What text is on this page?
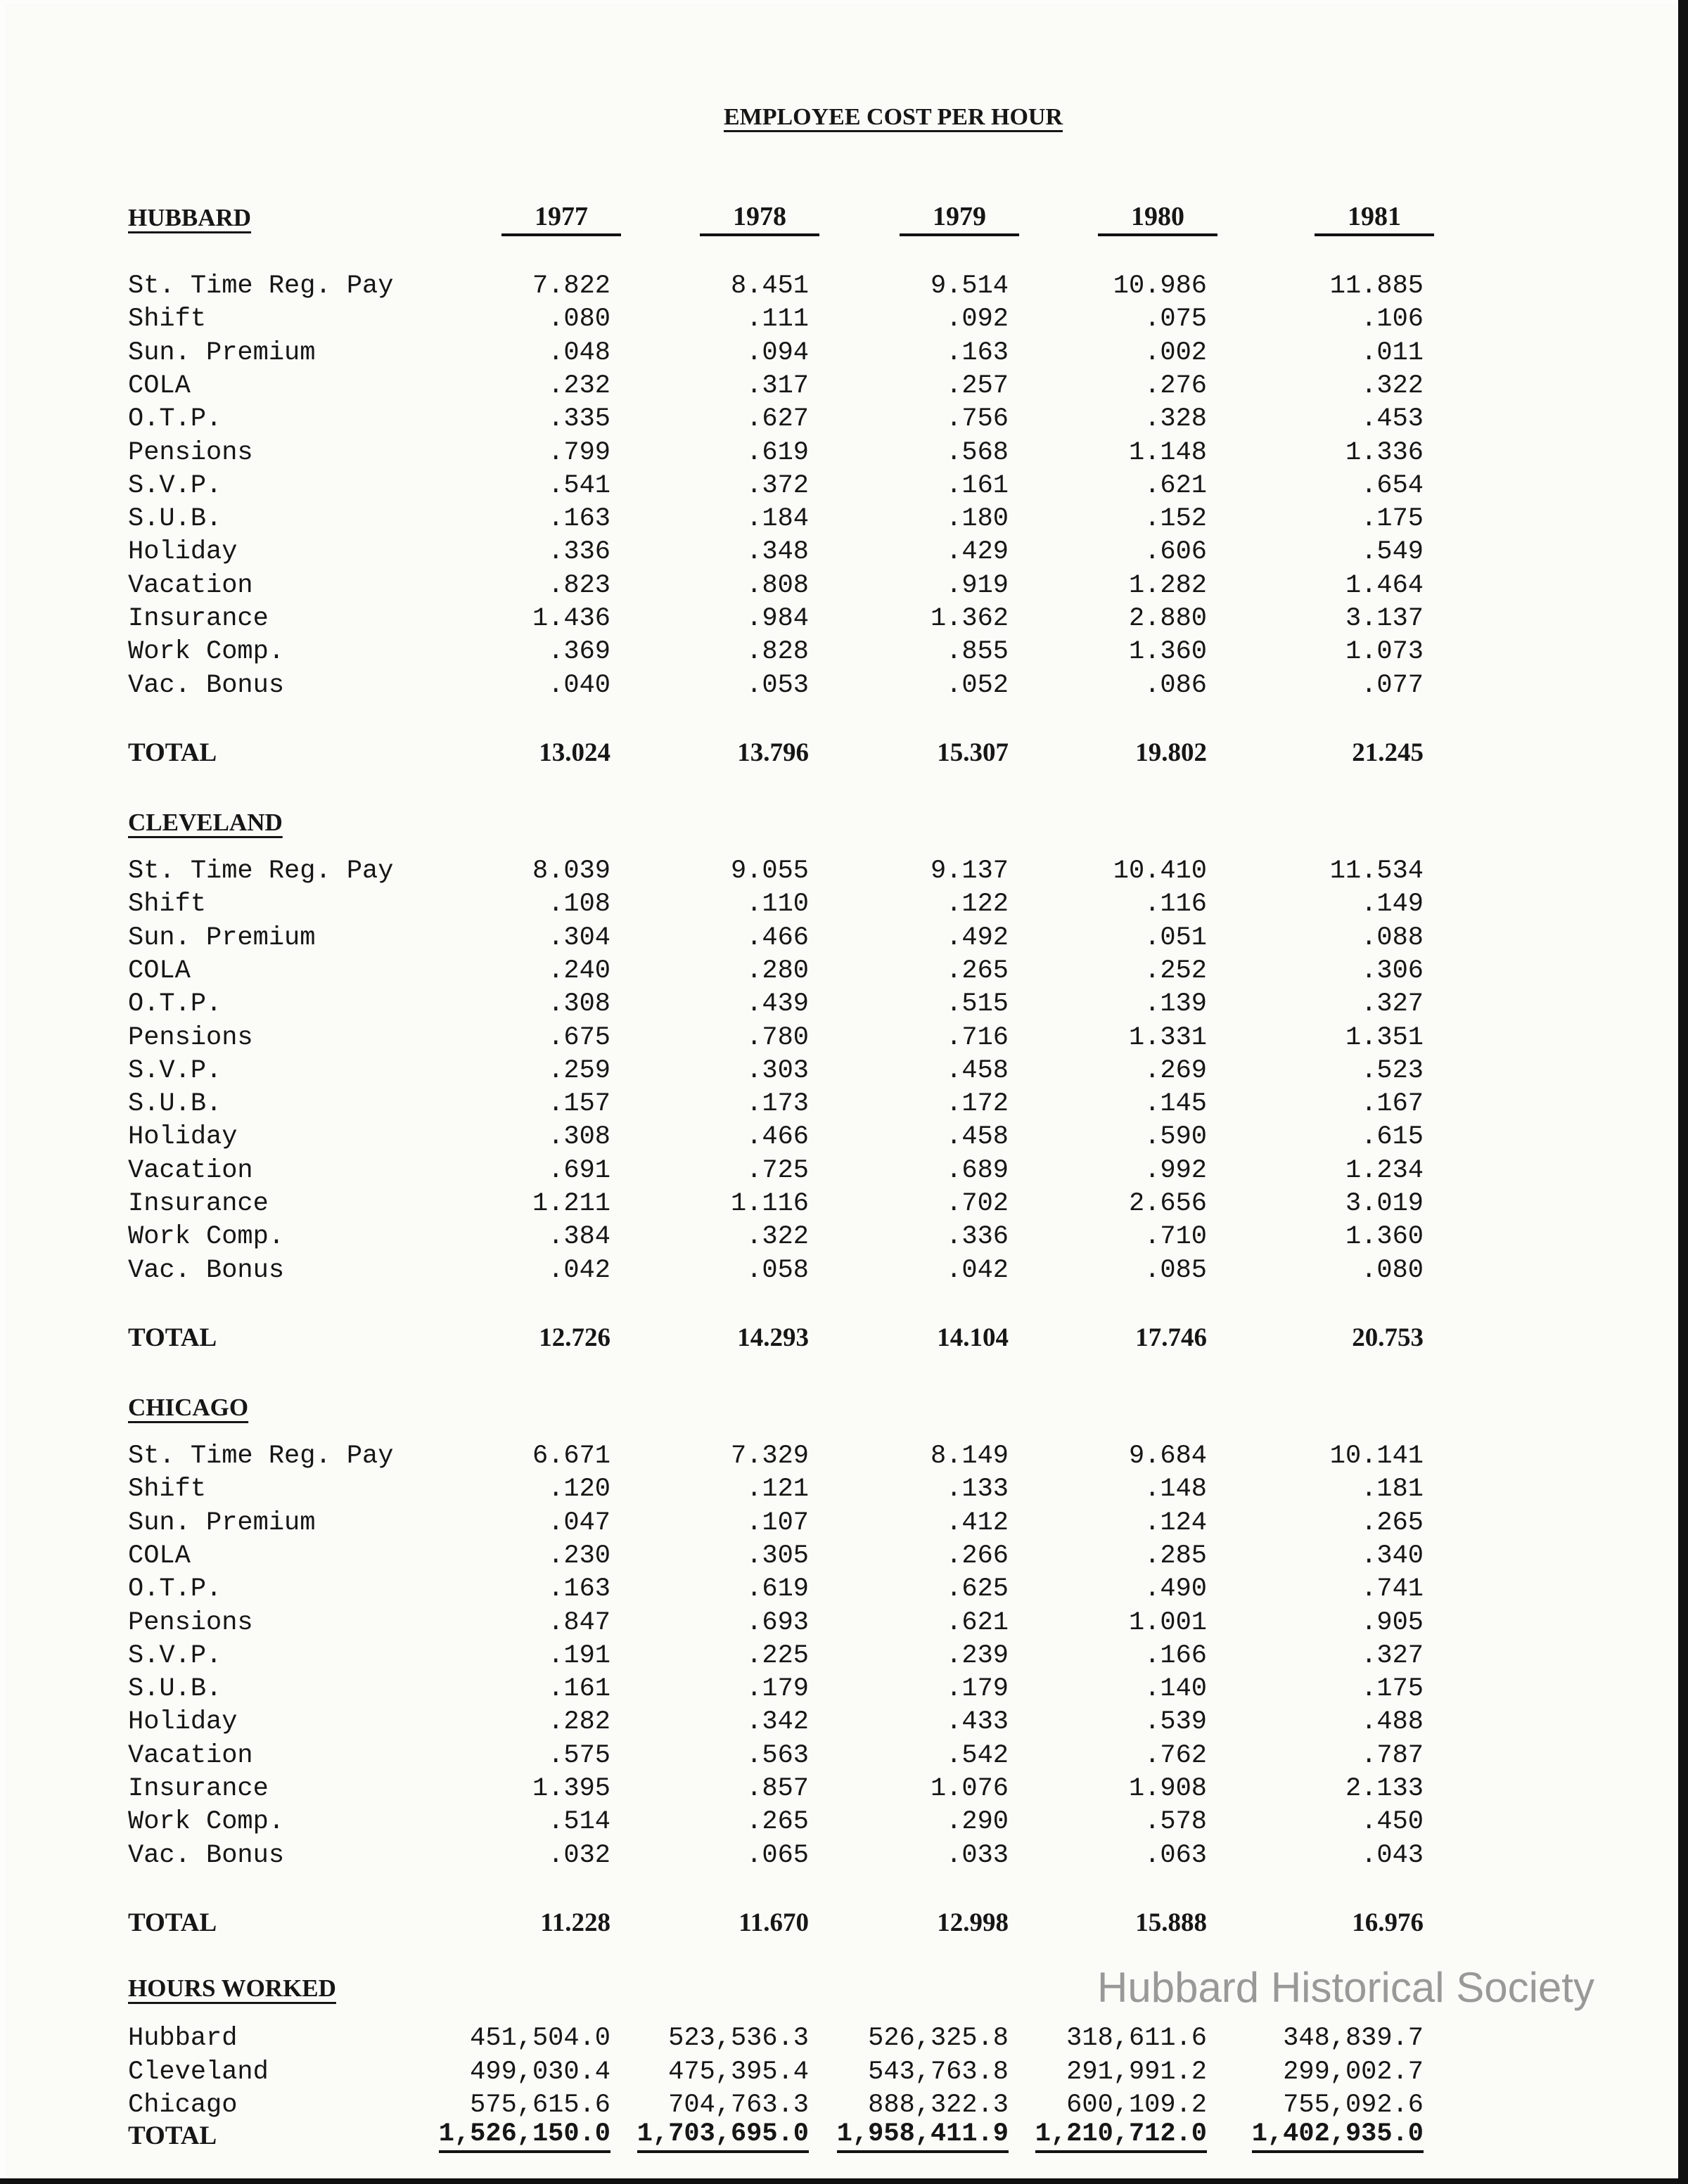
EMPLOYEE COST PER HOUR
1977	1978	1979	1980	1981
HUBBARD
St. Time Reg. Pay	7.822	8.451	9.514	10.986	11.885
Shift	.080	.111	.092	.075	.106
Sun. Premium	.048	.094	.163	.002	.011
COLA	.232	.317	.257	.276	.322
O.T.P.	.335	.627	.756	.328	.453
Pensions	.799	.619	.568	1.148	1.336
S.V.P.	.541	.372	.161	.621	.654
S.U.B.	.163	.184	.180	.152	.175
Holiday	.336	.348	.429	.606	.549
Vacation	.823	.808	.919	1.282	1.464
Insurance	1.436	.984	1.362	2.880	3.137
Work Comp.	.369	.828	.855	1.360	1.073
Vac. Bonus	.040	.053	.052	.086	.077
TOTAL	13.024	13.796	15.307	19.802	21.245
CLEVELAND
St. Time Reg. Pay	8.039	9.055	9.137	10.410	11.534
Shift	.108	.110	.122	.116	.149
Sun. Premium	.304	.466	.492	.051	.088
COLA	.240	.280	.265	.252	.306
O.T.P.	.308	.439	.515	.139	.327
Pensions	.675	.780	.716	1.331	1.351
S.V.P.	.259	.303	.458	.269	.523
S.U.B.	.157	.173	.172	.145	.167
Holiday	.308	.466	.458	.590	.615
Vacation	.691	.725	.689	.992	1.234
Insurance	1.211	1.116	.702	2.656	3.019
Work Comp.	.384	.322	.336	.710	1.360
Vac. Bonus	.042	.058	.042	.085	.080
TOTAL	12.726	14.293	14.104	17.746	20.753
CHICAGO
St. Time Reg. Pay	6.671	7.329	8.149	9.684	10.141
Shift	.120	.121	.133	.148	.181
Sun. Premium	.047	.107	.412	.124	.265
COLA	.230	.305	.266	.285	.340
O.T.P.	.163	.619	.625	.490	.741
Pensions	.847	.693	.621	1.001	.905
S.V.P.	.191	.225	.239	.166	.327
S.U.B.	.161	.179	.179	.140	.175
Holiday	.282	.342	.433	.539	.488
Vacation	.575	.563	.542	.762	.787
Insurance	1.395	.857	1.076	1.908	2.133
Work Comp.	.514	.265	.290	.578	.450
Vac. Bonus	.032	.065	.033	.063	.043
TOTAL	11.228	11.670	12.998	15.888	16.976
HOURS WORKED
Hubbard	451,504.0	523,536.3	526,325.8	318,611.6	348,839.7
Cleveland	499,030.4	475,395.4	543,763.8	291,991.2	299,002.7
Chicago	575,615.6	704,763.3	888,322.3	600,109.2	755,092.6
TOTAL	1,526,150.0 1,703,695.0 1,958,411.9 1,210,712.0 1,402,935.0
Hubbard Historical Society
